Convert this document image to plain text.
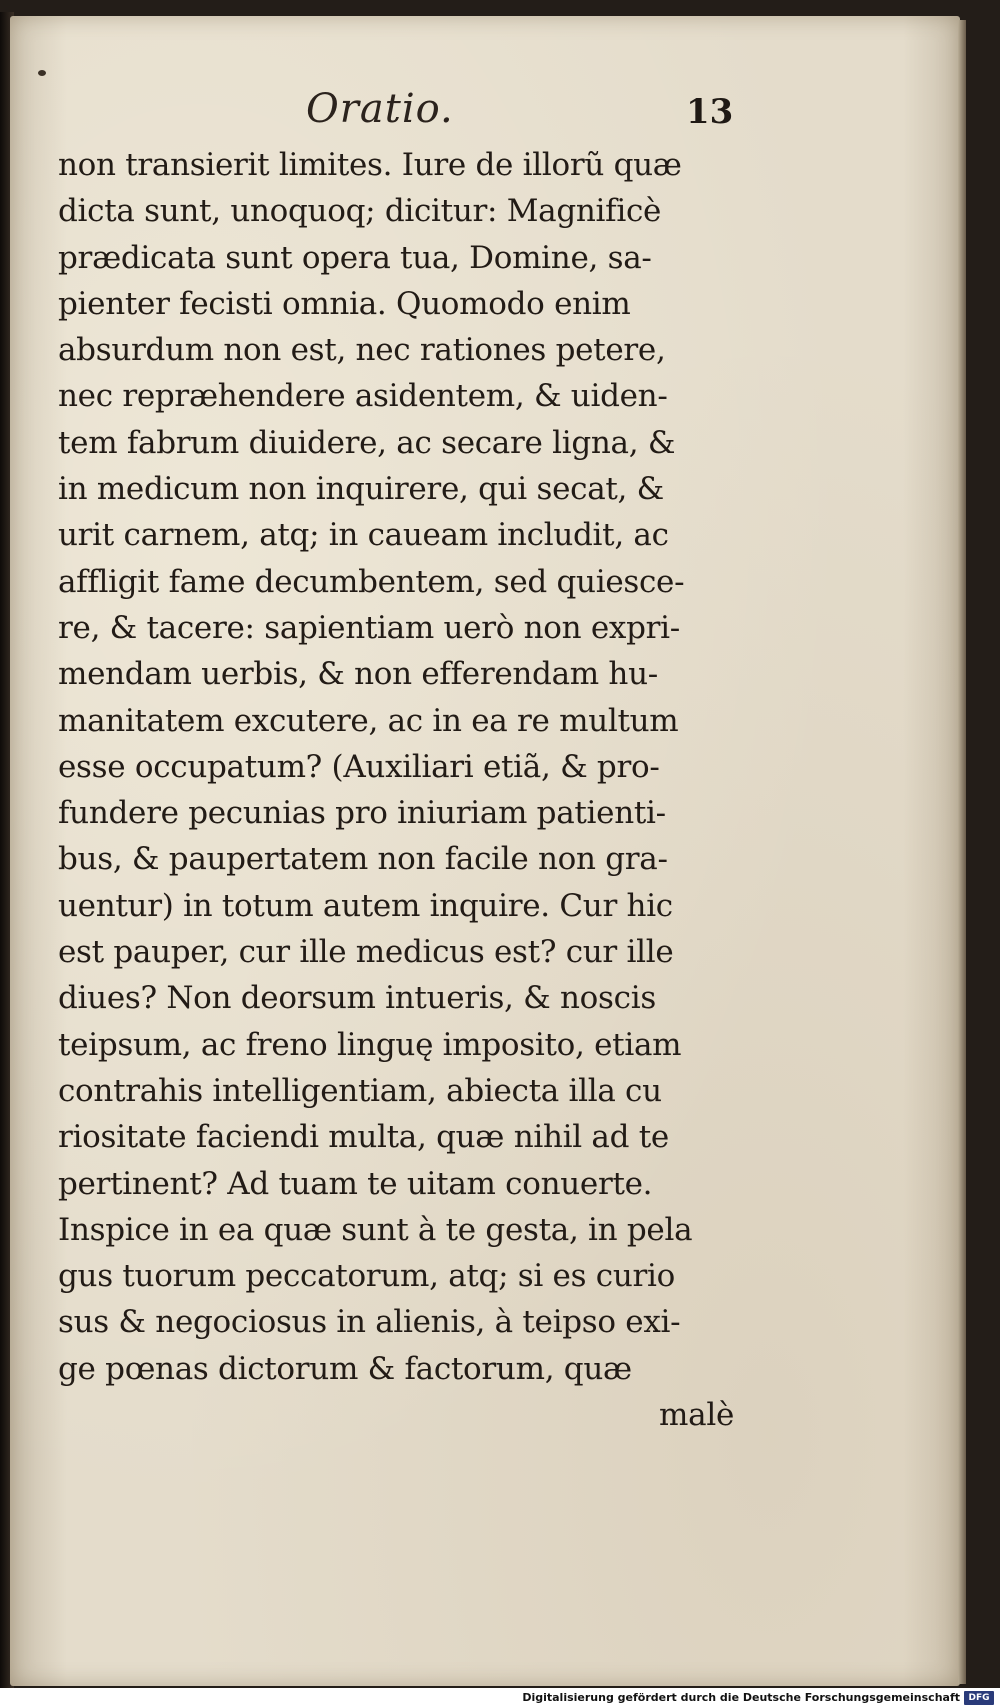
Oratio.	13
non transierit limites. Iure de illorũ quæ
dicta sunt, unoquoq; dicitur: Magnificè
prædicata sunt opera tua, Domine, sa-
pienter fecisti omnia. Quomodo enim
absurdum non est, nec rationes petere,
nec repræhendere asidentem, & uiden-
tem fabrum diuidere, ac secare ligna, &
in medicum non inquirere, qui secat, &
urit carnem, atq; in caueam includit, ac
affligit fame decumbentem, sed quiesce-
re, & tacere: sapientiam uerò non expri-
mendam uerbis, & non efferendam hu-
manitatem excutere, ac in ea re multum
esse occupatum? (Auxiliari etiã, & pro-
fundere pecunias pro iniuriam patienti-
bus, & paupertatem non facile non gra-
uentur) in totum autem inquire. Cur hic
est pauper, cur ille medicus est? cur ille
diues? Non deorsum intueris, & noscis
teipsum, ac freno linguę imposito, etiam
contrahis intelligentiam, abiecta illa cu
riositate faciendi multa, quæ nihil ad te
pertinent? Ad tuam te uitam conuerte.
Inspice in ea quæ sunt à te gesta, in pela
gus tuorum peccatorum, atq; si es curio
sus & negociosus in alienis, à teipso exi-
ge pœnas dictorum & factorum, quæ
malè
Digitalisierung gefördert durch die Deutsche Forschungsgemeinschaft DFG
